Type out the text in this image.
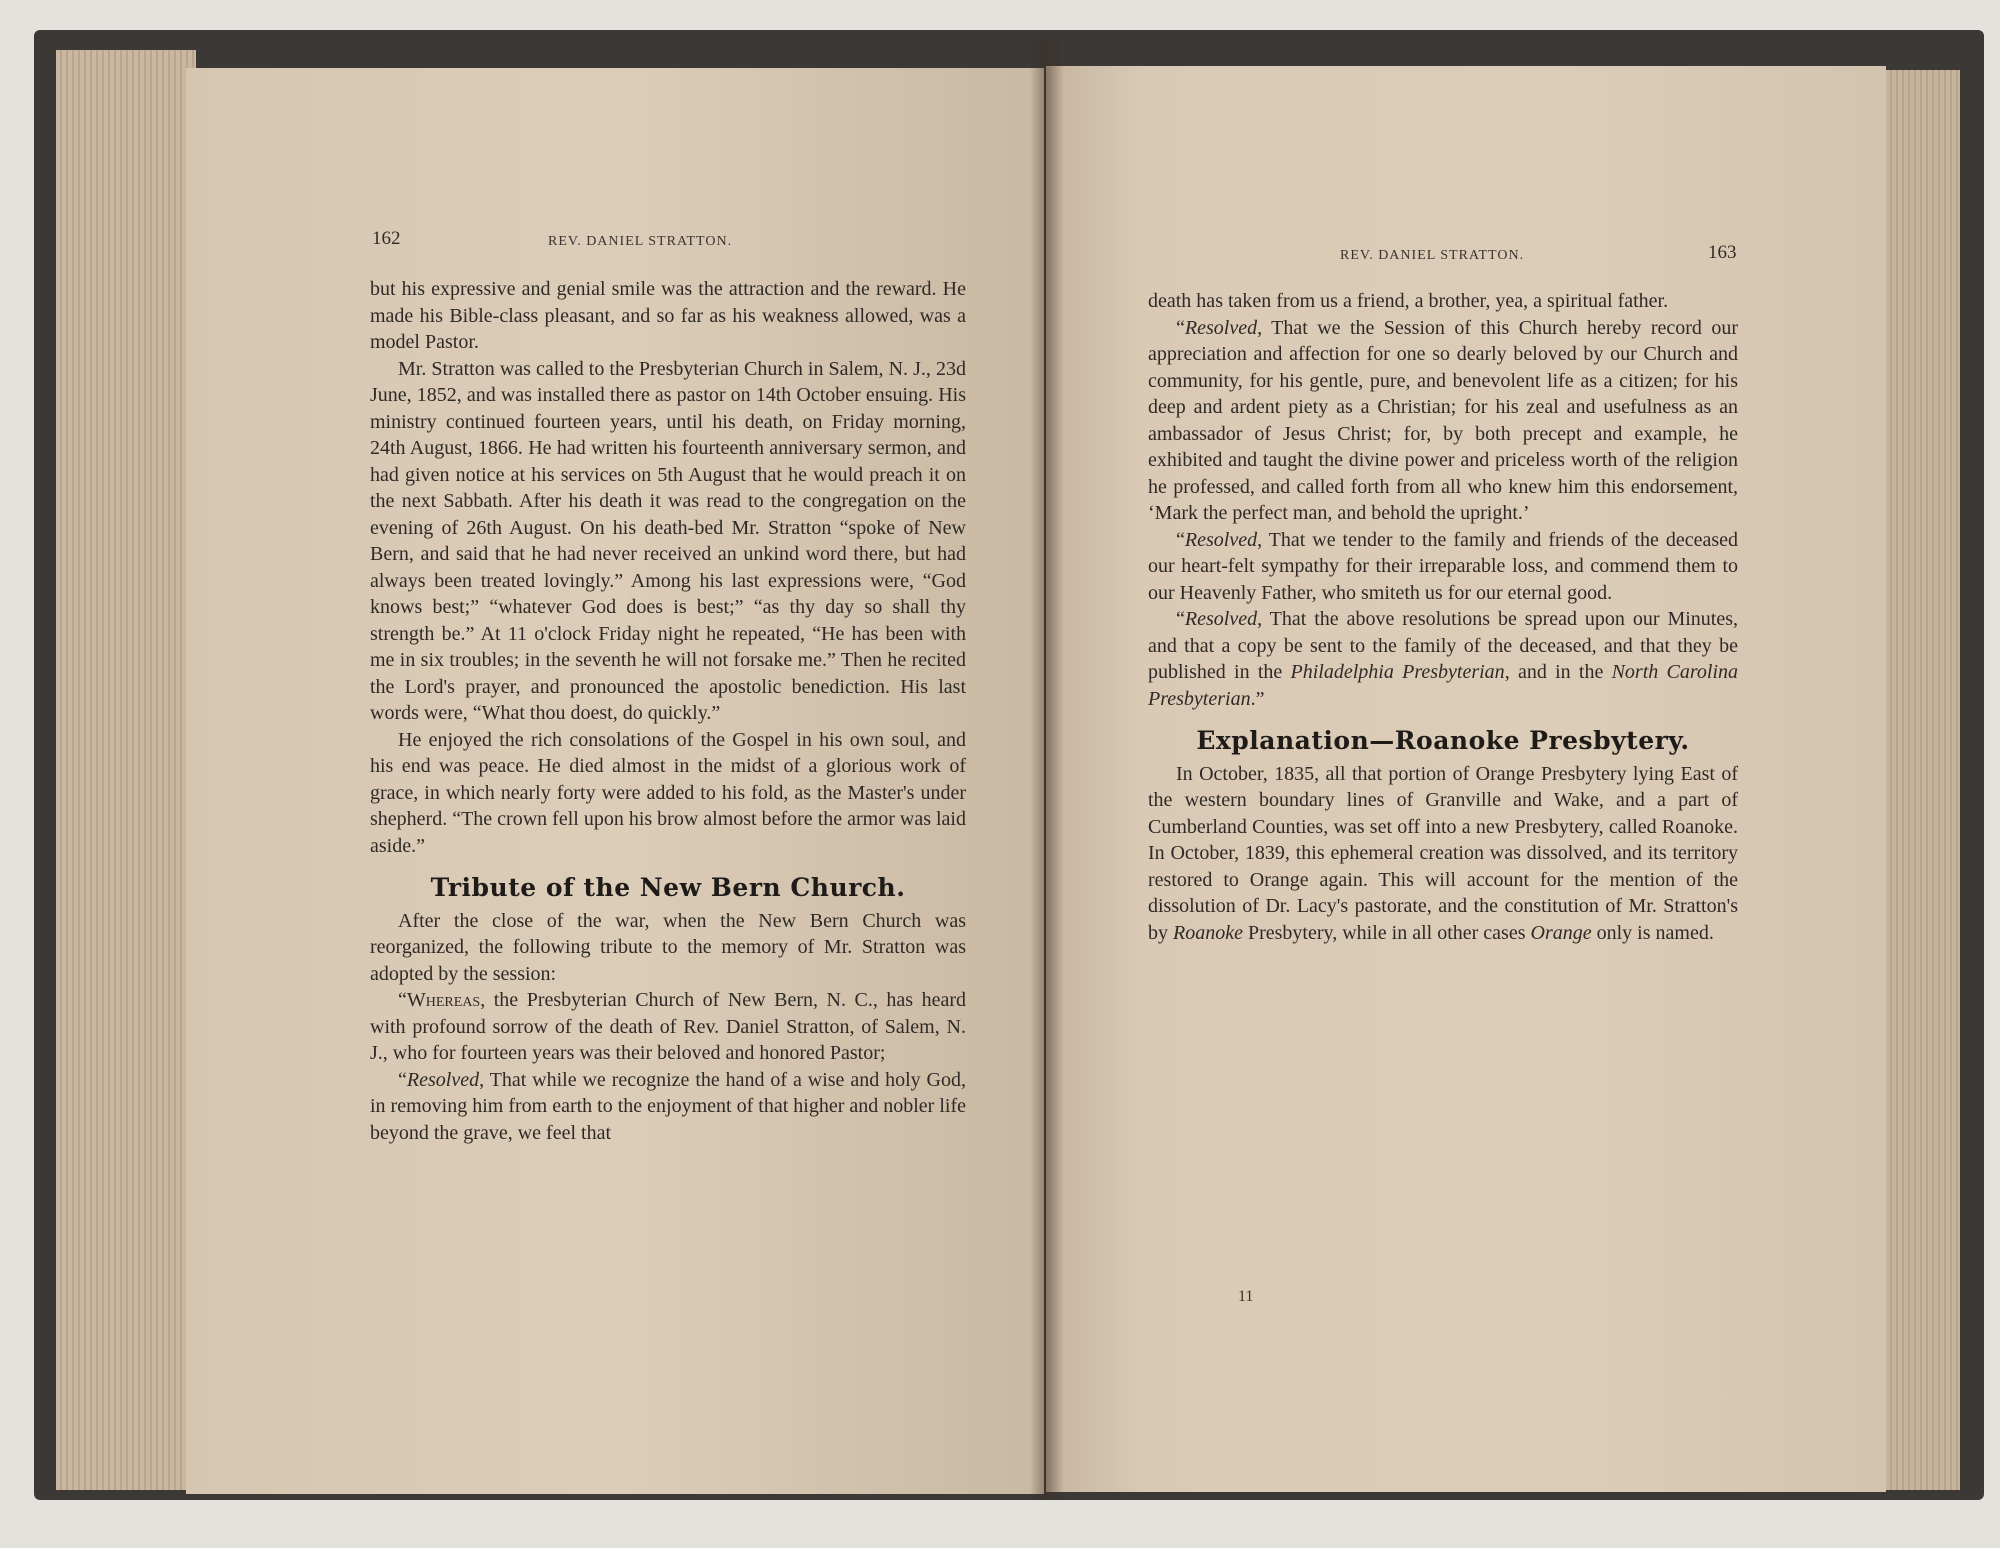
162	REV. DANIEL STRATTON.

but his expressive and genial smile was the attraction and the reward. He made his Bible-class pleasant, and so far as his weakness allowed, was a model Pastor.

Mr. Stratton was called to the Presbyterian Church in Salem, N. J., 23d June, 1852, and was installed there as pastor on 14th October ensuing. His ministry continued fourteen years, until his death, on Friday morning, 24th August, 1866. He had written his fourteenth anniversary sermon, and had given notice at his services on 5th August that he would preach it on the next Sabbath. After his death it was read to the congregation on the evening of 26th August. On his death-bed Mr. Stratton “spoke of New Bern, and said that he had never received an unkind word there, but had always been treated lovingly.” Among his last expressions were, “God knows best;” “whatever God does is best;” “as thy day so shall thy strength be.” At 11 o'clock Friday night he repeated, “He has been with me in six troubles; in the seventh he will not forsake me.” Then he recited the Lord's prayer, and pronounced the apostolic benediction. His last words were, “What thou doest, do quickly.”

He enjoyed the rich consolations of the Gospel in his own soul, and his end was peace. He died almost in the midst of a glorious work of grace, in which nearly forty were added to his fold, as the Master's under shepherd. “The crown fell upon his brow almost before the armor was laid aside.”

Tribute of the New Bern Church.

After the close of the war, when the New Bern Church was reorganized, the following tribute to the memory of Mr. Stratton was adopted by the session:

“Whereas, the Presbyterian Church of New Bern, N. C., has heard with profound sorrow of the death of Rev. Daniel Stratton, of Salem, N. J., who for fourteen years was their beloved and honored Pastor;

“Resolved, That while we recognize the hand of a wise and holy God, in removing him from earth to the enjoyment of that higher and nobler life beyond the grave, we feel that

REV. DANIEL STRATTON.	163

death has taken from us a friend, a brother, yea, a spiritual father.

“Resolved, That we the Session of this Church hereby record our appreciation and affection for one so dearly beloved by our Church and community, for his gentle, pure, and benevolent life as a citizen; for his deep and ardent piety as a Christian; for his zeal and usefulness as an ambassador of Jesus Christ; for, by both precept and example, he exhibited and taught the divine power and priceless worth of the religion he professed, and called forth from all who knew him this endorsement, ‘Mark the perfect man, and behold the upright.’

“Resolved, That we tender to the family and friends of the deceased our heart-felt sympathy for their irreparable loss, and commend them to our Heavenly Father, who smiteth us for our eternal good.

“Resolved, That the above resolutions be spread upon our Minutes, and that a copy be sent to the family of the deceased, and that they be published in the Philadelphia Presbyterian, and in the North Carolina Presbyterian.”

Explanation—Roanoke Presbytery.

In October, 1835, all that portion of Orange Presbytery lying East of the western boundary lines of Granville and Wake, and a part of Cumberland Counties, was set off into a new Presbytery, called Roanoke. In October, 1839, this ephemeral creation was dissolved, and its territory restored to Orange again. This will account for the mention of the dissolution of Dr. Lacy's pastorate, and the constitution of Mr. Stratton's by Roanoke Presbytery, while in all other cases Orange only is named.

11
